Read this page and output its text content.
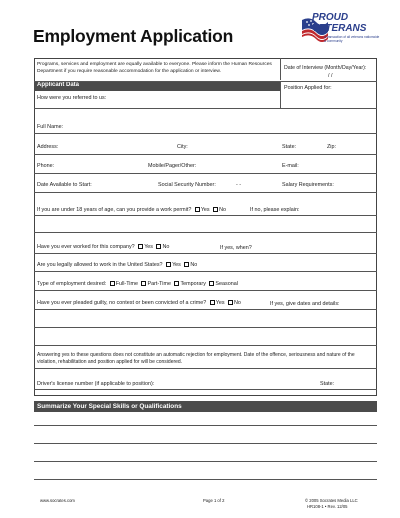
Employment Application
PROUD VETERANS
A transaction of all veterans nationwide & community
Programs, services and employment are equally available to everyone. Please inform the Human Resources
Department if you require reasonable accommodation for the application or interview.
Date of Interview (Month/Day/Year):
/ /
Applicant Data	Position Applied for:
How were you referred to us:
Full Name:
Address:	City:	State:	Zip:
Phone:	Mobile/Pager/Other:	E-mail:
Date Available to Start:	Social Security Number:	- -	Salary Requirements:
If you are under 18 years of age, can you provide a work permit? Yes No	If no, please explain:
Have you ever worked for this company? Yes No	If yes, when?
Are you legally allowed to work in the United States? Yes No
Type of employment desired: Full-Time Part-Time Temporary Seasonal
Have you ever pleaded guilty, no contest or been convicted of a crime? Yes No	If yes, give dates and details:
Answering yes to these questions does not constitute an automatic rejection for employment. Date of the offence, seriousness and nature of the
violation, rehabilitation and position applied for will be considered.
Driver's license number (if applicable to position):	State:
Summarize Your Special Skills or Qualifications
www.socrates.com	Page 1 of 2	© 2005 Socrates Media LLC
HR108-1 • Rev. 12/05
